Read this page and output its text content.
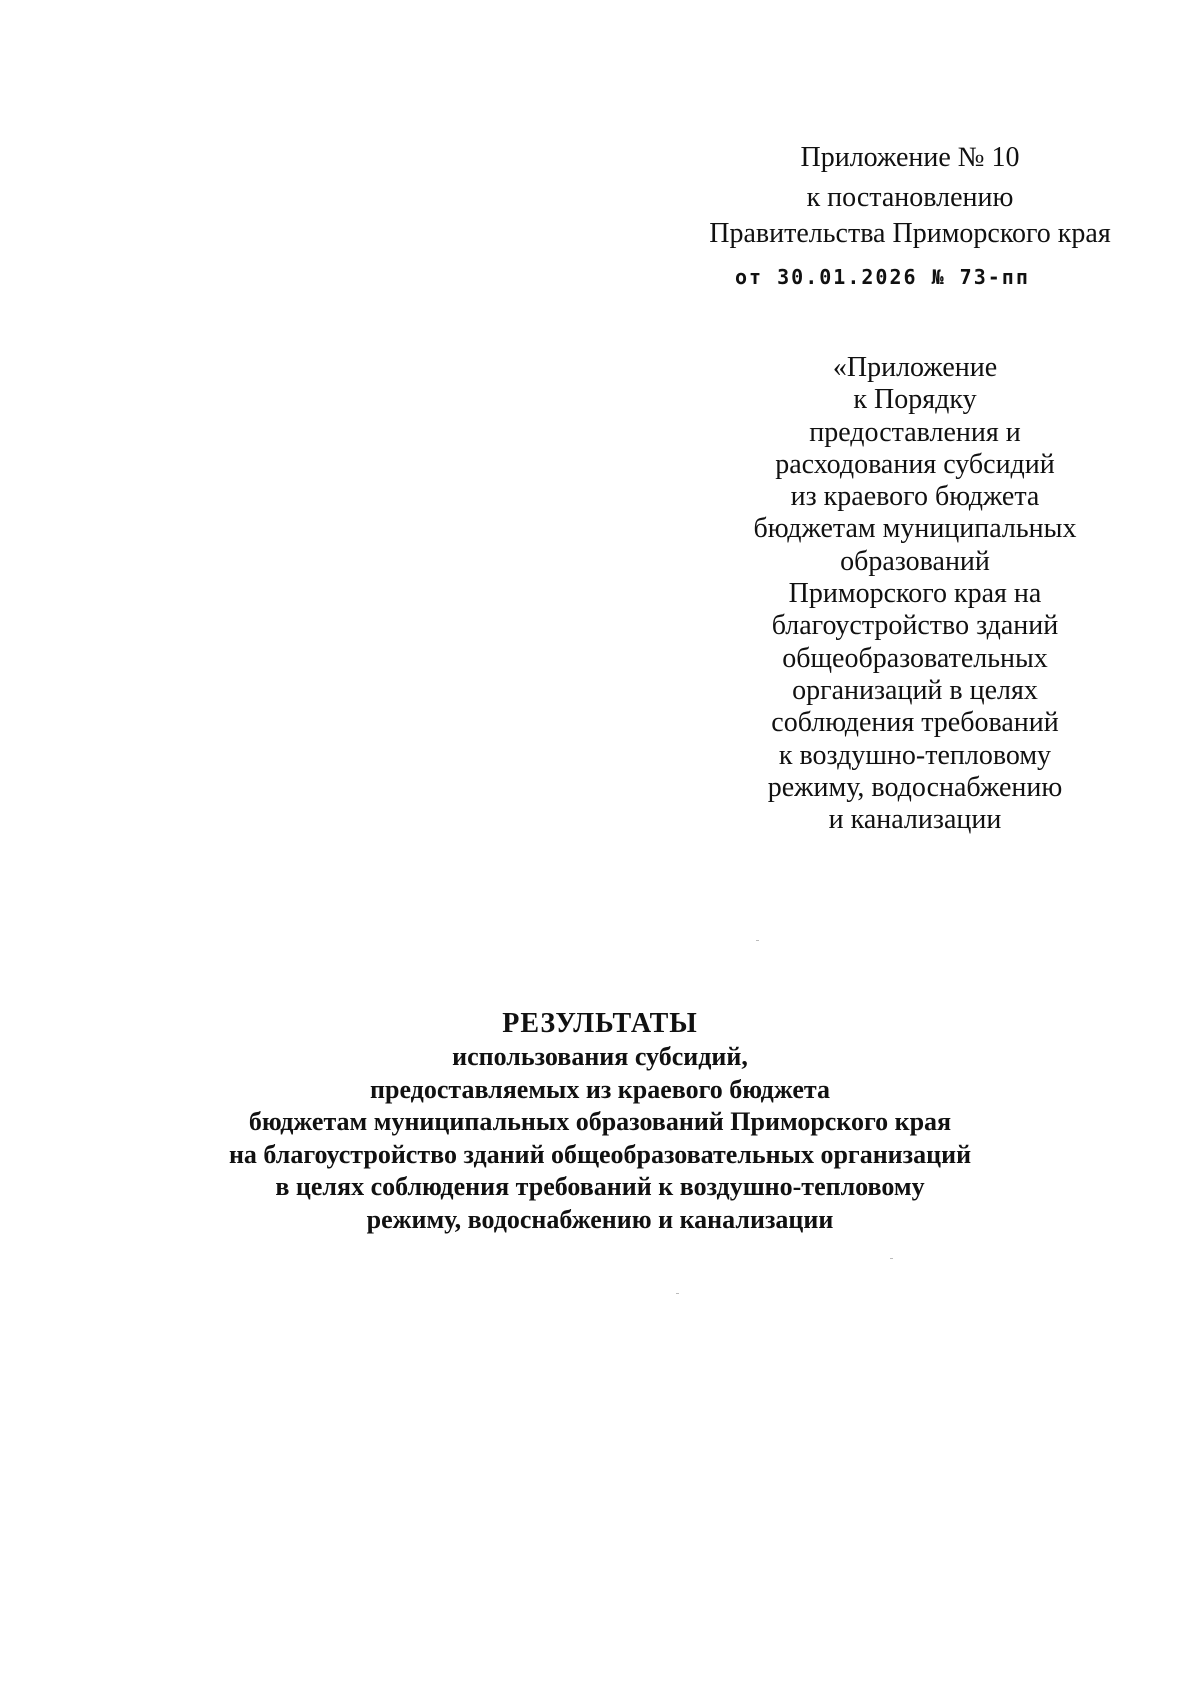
Приложение № 10
к постановлению
Правительства Приморского края
от 30.01.2026 № 73-пп
«Приложение
к Порядку
предоставления и
расходования субсидий
из краевого бюджета
бюджетам муниципальных
образований
Приморского края на
благоустройство зданий
общеобразовательных
организаций в целях
соблюдения требований
к воздушно-тепловому
режиму, водоснабжению
и канализации
РЕЗУЛЬТАТЫ
использования субсидий,
предоставляемых из краевого бюджета
бюджетам муниципальных образований Приморского края
на благоустройство зданий общеобразовательных организаций
в целях соблюдения требований к воздушно-тепловому
режиму, водоснабжению и канализации
